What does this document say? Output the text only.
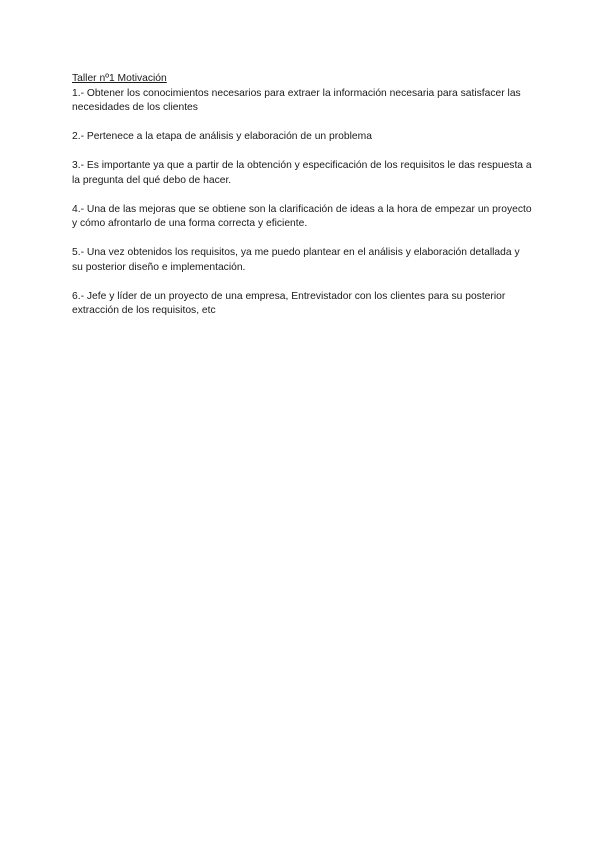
Taller nº1 Motivación

1.- Obtener los conocimientos necesarios para extraer la información necesaria para satisfacer las necesidades de los clientes

2.- Pertenece a la etapa de análisis y elaboración de un problema

3.- Es importante ya que a partir de la obtención y especificación de los requisitos le das respuesta a la pregunta del qué debo de hacer.

4.- Una de las mejoras que se obtiene son la clarificación de ideas a la hora de empezar un proyecto y cómo afrontarlo de una forma correcta y eficiente.

5.- Una vez obtenidos los requisitos, ya me puedo plantear en el análisis y elaboración detallada y su posterior diseño e implementación.

6.- Jefe y líder de un proyecto de una empresa, Entrevistador con los clientes para su posterior extracción de los requisitos, etc
